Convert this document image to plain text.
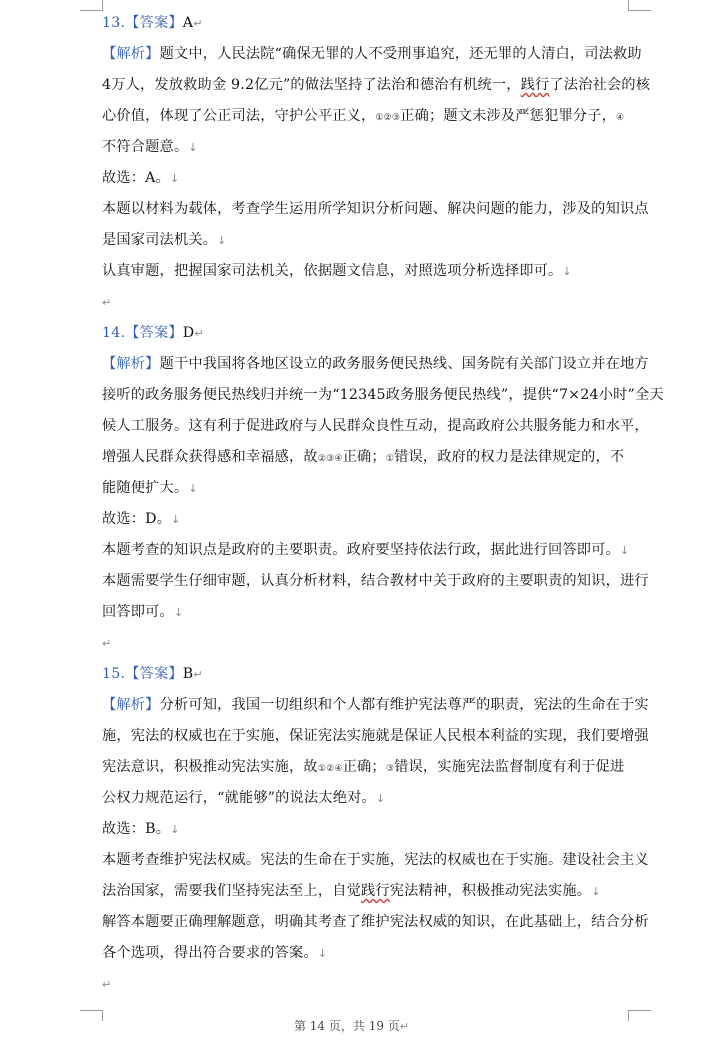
13.【答案】A↵
【解析】题文中，人民法院“确保无罪的人不受刑事追究，还无罪的人清白，司法救助
4万人，发放救助金 9.2亿元”的做法坚持了法治和德治有机统一，践行了法治社会的核
心价值，体现了公正司法，守护公平正义，①②③正确；题文未涉及严惩犯罪分子，④
不符合题意。↓
故选：A。↓
本题以材料为载体，考查学生运用所学知识分析问题、解决问题的能力，涉及的知识点
是国家司法机关。↓
认真审题，把握国家司法机关，依据题文信息，对照选项分析选择即可。↓
↵
14.【答案】D↵
【解析】题干中我国将各地区设立的政务服务便民热线、国务院有关部门设立并在地方
接听的政务服务便民热线归并统一为“12345政务服务便民热线”，提供“7×24小时”全天
候人工服务。这有利于促进政府与人民群众良性互动，提高政府公共服务能力和水平，
增强人民群众获得感和幸福感，故②③④正确；①错误，政府的权力是法律规定的，不
能随便扩大。↓
故选：D。↓
本题考查的知识点是政府的主要职责。政府要坚持依法行政，据此进行回答即可。↓
本题需要学生仔细审题，认真分析材料，结合教材中关于政府的主要职责的知识，进行
回答即可。↓
↵
15.【答案】B↵
【解析】分析可知，我国一切组织和个人都有维护宪法尊严的职责，宪法的生命在于实
施，宪法的权威也在于实施，保证宪法实施就是保证人民根本利益的实现，我们要增强
宪法意识，积极推动宪法实施，故①②④正确；③错误，实施宪法监督制度有利于促进
公权力规范运行，“就能够”的说法太绝对。↓
故选：B。↓
本题考查维护宪法权威。宪法的生命在于实施，宪法的权威也在于实施。建设社会主义
法治国家，需要我们坚持宪法至上，自觉践行宪法精神，积极推动宪法实施。↓
解答本题要正确理解题意，明确其考查了维护宪法权威的知识，在此基础上，结合分析
各个选项，得出符合要求的答案。↓
↵
第 14 页，共 19 页↵
